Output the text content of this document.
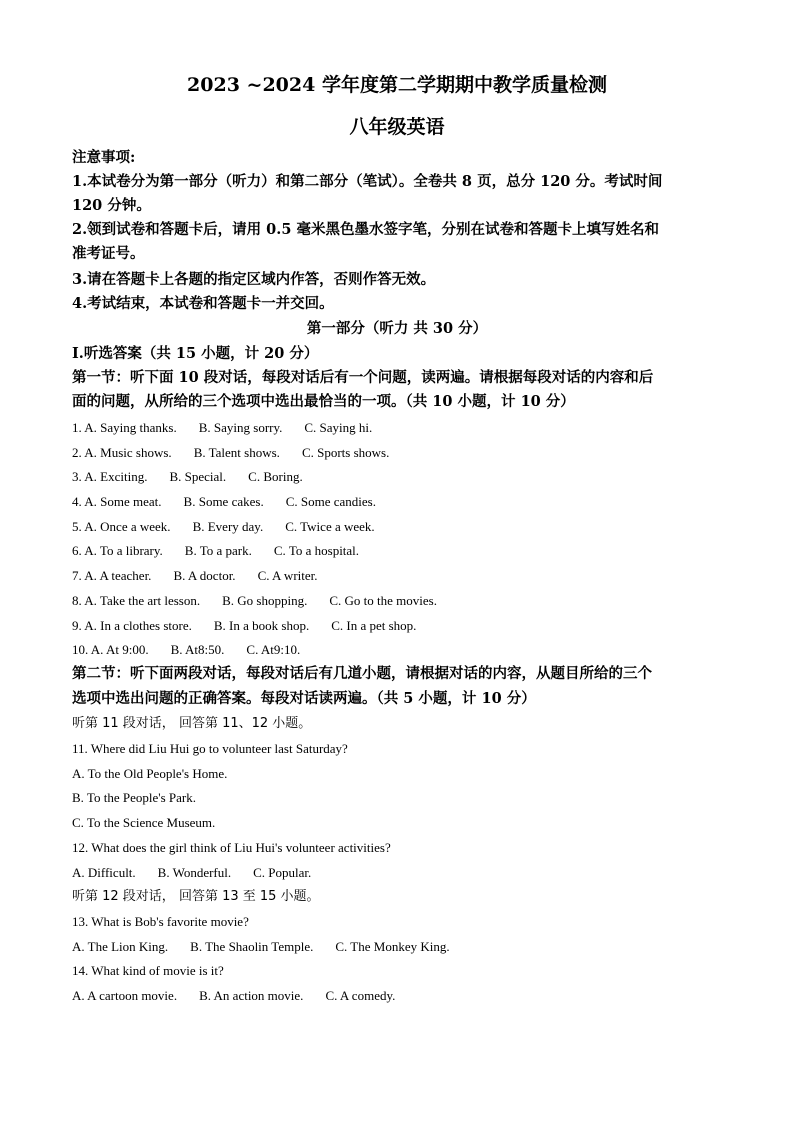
2023 ~2024 学年度第二学期期中教学质量检测
八年级英语
注意事项:
1.本试卷分为第一部分（听力）和第二部分（笔试）。全卷共 8 页，总分 120 分。考试时间
120 分钟。
2.领到试卷和答题卡后，请用 0.5 毫米黑色墨水签字笔，分别在试卷和答题卡上填写姓名和
准考证号。
3.请在答题卡上各题的指定区域内作答，否则作答无效。
4.考试结束，本试卷和答题卡一并交回。
第一部分（听力 共 30 分）
Ⅰ.听选答案（共 15 小题，计 20 分）
第一节：听下面 10 段对话，每段对话后有一个问题，读两遍。请根据每段对话的内容和后
面的问题，从所给的三个选项中选出最恰当的一项。（共 10 小题，计 10 分）
1. A. Saying thanks. B. Saying sorry. C. Saying hi.
2. A. Music shows. B. Talent shows. C. Sports shows.
3. A. Exciting. B. Special. C. Boring.
4. A. Some meat. B. Some cakes. C. Some candies.
5. A. Once a week. B. Every day. C. Twice a week.
6. A. To a library. B. To a park. C. To a hospital.
7. A. A teacher. B. A doctor. C. A writer.
8. A. Take the art lesson. B. Go shopping. C. Go to the movies.
9. A. In a clothes store. B. In a book shop. C. In a pet shop.
10. A. At 9:00. B. At8:50. C. At9:10.
第二节：听下面两段对话，每段对话后有几道小题，请根据对话的内容，从题目所给的三个
选项中选出问题的正确答案。每段对话读两遍。（共 5 小题，计 10 分）
听第 11 段对话， 回答第 11、12 小题。
11. Where did Liu Hui go to volunteer last Saturday?
A. To the Old People's Home.
B. To the People's Park.
C. To the Science Museum.
12. What does the girl think of Liu Hui's volunteer activities?
A. Difficult. B. Wonderful. C. Popular.
听第 12 段对话， 回答第 13 至 15 小题。
13. What is Bob's favorite movie?
A. The Lion King. B. The Shaolin Temple. C. The Monkey King.
14. What kind of movie is it?
A. A cartoon movie. B. An action movie. C. A comedy.
